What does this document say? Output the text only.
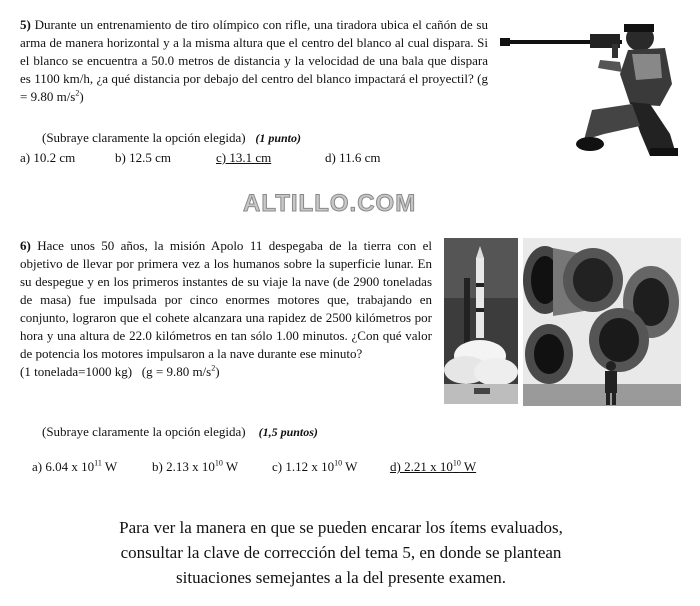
5) Durante un entrenamiento de tiro olímpico con rifle, una tiradora ubica el cañón de su arma de manera horizontal y a la misma altura que el centro del blanco al cual dispara. Si el blanco se encuentra a 50.0 metros de distancia y la velocidad de una bala que dispara es 1100 km/h, ¿a qué distancia por debajo del centro del blanco impactará el proyectil? (g = 9.80 $m/s^2$)
(Subraye claramente la opción elegida) (1 punto)
a) 10.2 cm	b) 12.5 cm	c) 13.1 cm	d) 11.6 cm
ALTILLO.COM
6) Hace unos 50 años, la misión Apolo 11 despegaba de la tierra con el objetivo de llevar por primera vez a los humanos sobre la superficie lunar. En su despegue y en los primeros instantes de su viaje la nave (de 2900 toneladas de masa) fue impulsada por cinco enormes motores que, trabajando en conjunto, lograron que el cohete alcanzara una rapidez de 2500 kilómetros por hora y una altura de 22.0 kilómetros en tan sólo 1.00 minutos. ¿Con qué valor de potencia los motores impulsaron a la nave durante ese minuto?
(1 tonelada=1000 kg) (g = 9.80 $m/s^2$)
(Subraye claramente la opción elegida) (1,5 puntos)
a) 6.04 x $10^{11}$ W	b) 2.13 x $10^{10}$ W	c) 1.12 x $10^{10}$ W	d) 2.21 x $10^{10}$ W
Para ver la manera en que se pueden encarar los ítems evaluados,
consultar la clave de corrección del tema 5, en donde se plantean
situaciones semejantes a la del presente examen.
